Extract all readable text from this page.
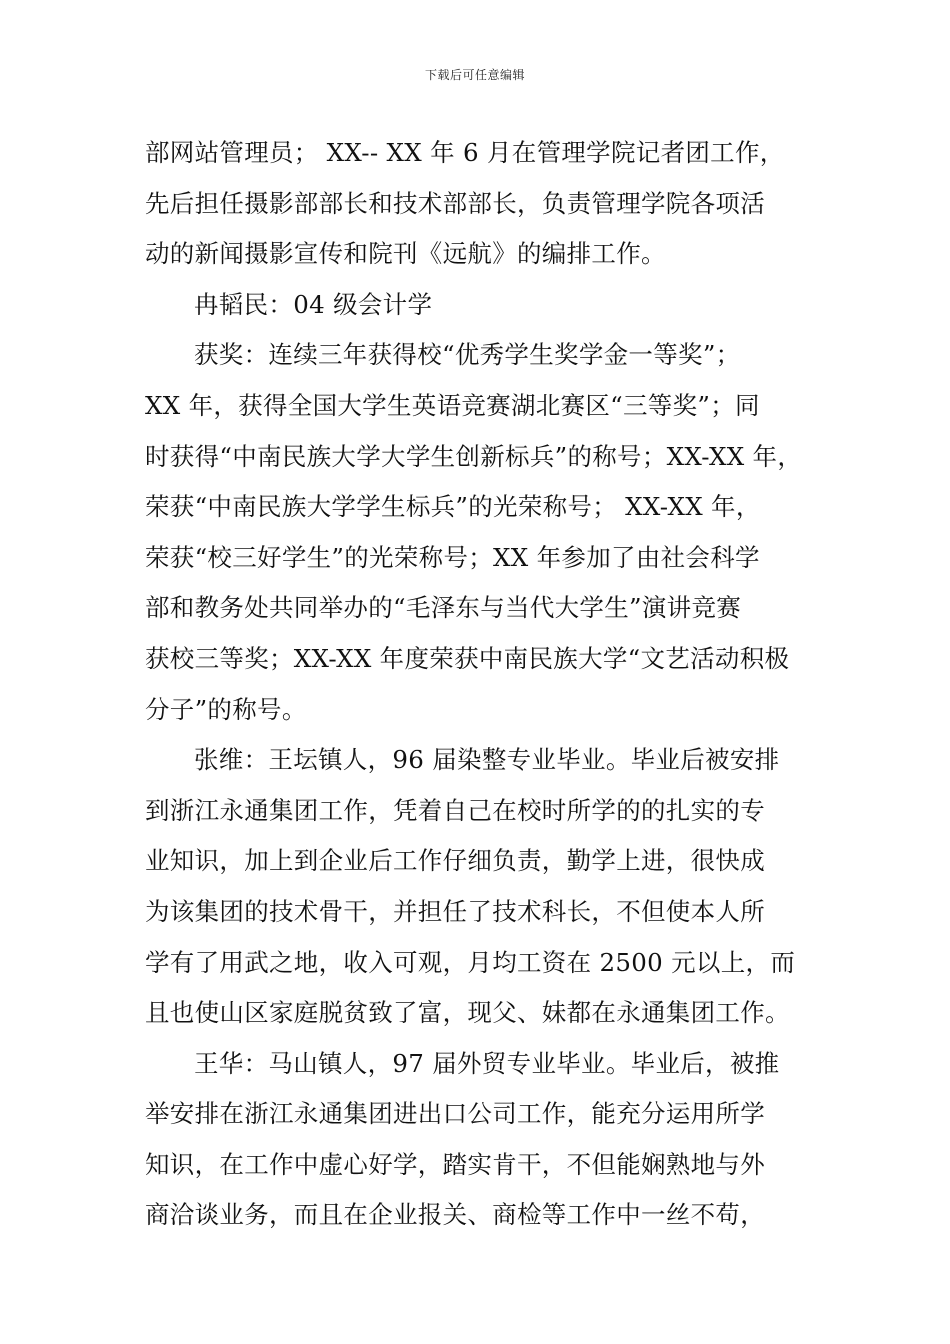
下载后可任意编辑
部网站管理员； XX-- XX 年 6 月在管理学院记者团工作，
先后担任摄影部部长和技术部部长，负责管理学院各项活
动的新闻摄影宣传和院刊《远航》的编排工作。
冉韬民：04 级会计学
获奖：连续三年获得校“优秀学生奖学金一等奖”；
XX 年，获得全国大学生英语竞赛湖北赛区“三等奖”；同
时获得“中南民族大学大学生创新标兵”的称号；XX-XX 年，
荣获“中南民族大学学生标兵”的光荣称号； XX-XX 年，
荣获“校三好学生”的光荣称号；XX 年参加了由社会科学
部和教务处共同举办的“毛泽东与当代大学生”演讲竞赛
获校三等奖；XX-XX 年度荣获中南民族大学“文艺活动积极
分子”的称号。
张维：王坛镇人，96 届染整专业毕业。毕业后被安排
到浙江永通集团工作，凭着自己在校时所学的的扎实的专
业知识，加上到企业后工作仔细负责，勤学上进，很快成
为该集团的技术骨干，并担任了技术科长，不但使本人所
学有了用武之地，收入可观，月均工资在 2500 元以上，而
且也使山区家庭脱贫致了富，现父、妹都在永通集团工作。
王华：马山镇人，97 届外贸专业毕业。毕业后，被推
举安排在浙江永通集团进出口公司工作，能充分运用所学
知识，在工作中虚心好学，踏实肯干，不但能娴熟地与外
商洽谈业务，而且在企业报关、商检等工作中一丝不苟，
